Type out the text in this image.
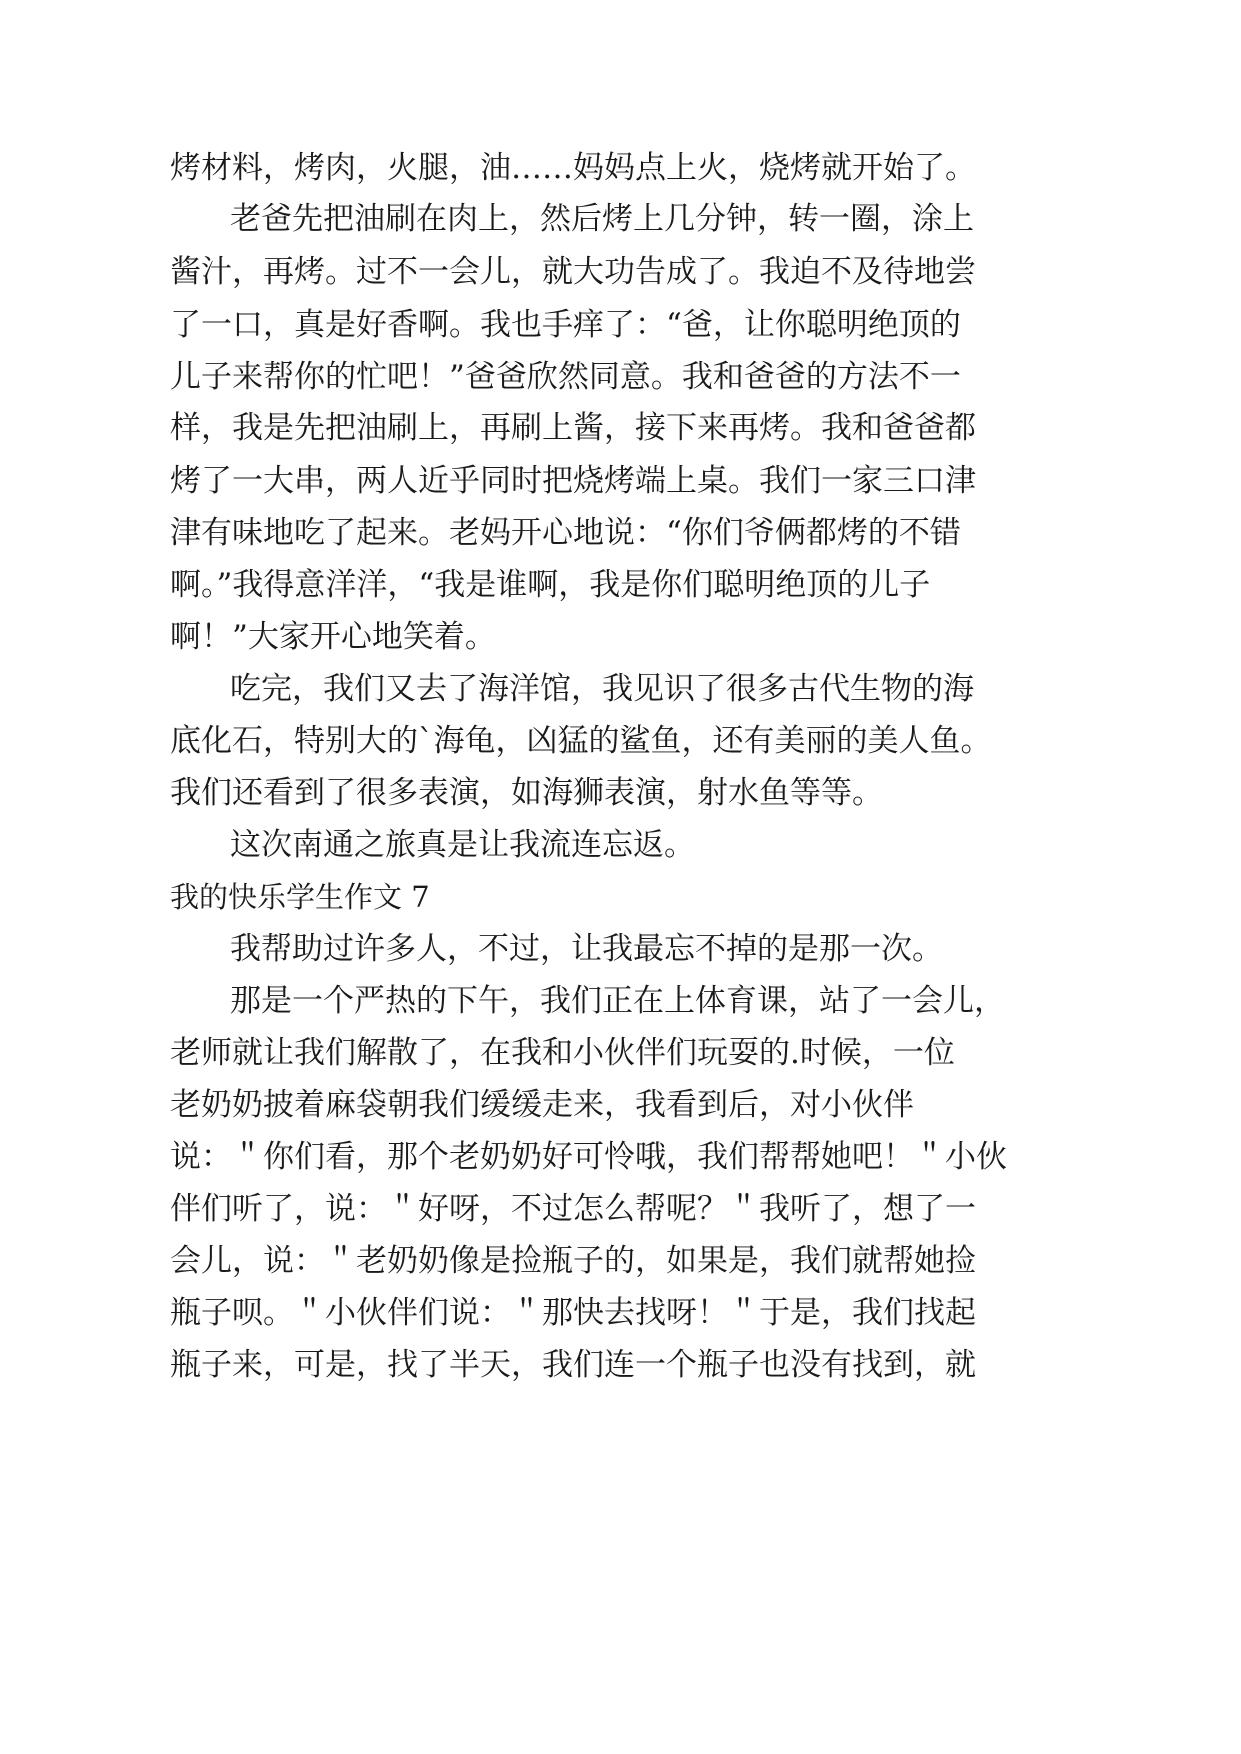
烤材料，烤肉，火腿，油……妈妈点上火，烧烤就开始了。
老爸先把油刷在肉上，然后烤上几分钟，转一圈，涂上
酱汁，再烤。过不一会儿，就大功告成了。我迫不及待地尝
了一口，真是好香啊。我也手痒了：“爸，让你聪明绝顶的
儿子来帮你的忙吧！”爸爸欣然同意。我和爸爸的方法不一
样，我是先把油刷上，再刷上酱，接下来再烤。我和爸爸都
烤了一大串，两人近乎同时把烧烤端上桌。我们一家三口津
津有味地吃了起来。老妈开心地说：“你们爷俩都烤的不错
啊。”我得意洋洋，“我是谁啊，我是你们聪明绝顶的儿子
啊！”大家开心地笑着。
吃完，我们又去了海洋馆，我见识了很多古代生物的海
底化石，特别大的`海龟，凶猛的鲨鱼，还有美丽的美人鱼。
我们还看到了很多表演，如海狮表演，射水鱼等等。
这次南通之旅真是让我流连忘返。
我的快乐学生作文 7
我帮助过许多人，不过，让我最忘不掉的是那一次。
那是一个严热的下午，我们正在上体育课，站了一会儿，
老师就让我们解散了，在我和小伙伴们玩耍的.时候，一位
老奶奶披着麻袋朝我们缓缓走来，我看到后，对小伙伴
说：＂你们看，那个老奶奶好可怜哦，我们帮帮她吧！＂小伙
伴们听了，说：＂好呀，不过怎么帮呢？＂我听了，想了一
会儿，说：＂老奶奶像是捡瓶子的，如果是，我们就帮她捡
瓶子呗。＂小伙伴们说：＂那快去找呀！＂于是，我们找起
瓶子来，可是，找了半天，我们连一个瓶子也没有找到，就
